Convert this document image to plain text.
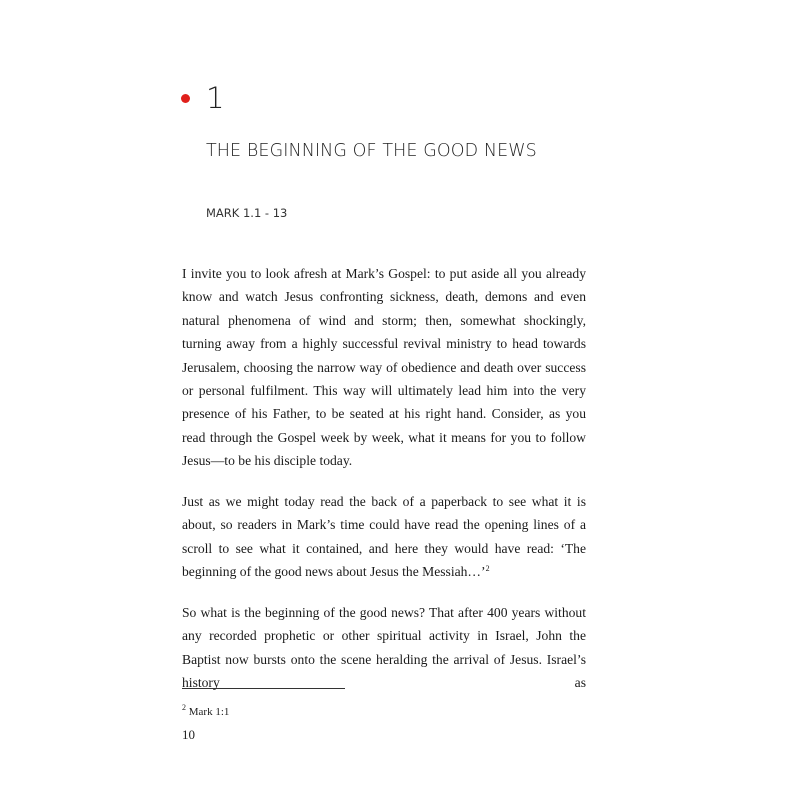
1
THE BEGINNING OF THE GOOD NEWS
MARK 1.1 - 13

I invite you to look afresh at Mark’s Gospel: to put aside all you already know and watch Jesus confronting sickness, death, demons and even natural phenomena of wind and storm; then, somewhat shockingly, turning away from a highly successful revival ministry to head towards Jerusalem, choosing the narrow way of obedience and death over success or personal fulfilment. This way will ultimately lead him into the very presence of his Father, to be seated at his right hand. Consider, as you read through the Gospel week by week, what it means for you to follow Jesus—to be his disciple today.

Just as we might today read the back of a paperback to see what it is about, so readers in Mark’s time could have read the opening lines of a scroll to see what it contained, and here they would have read: ‘The beginning of the good news about Jesus the Messiah…’$^2$

So what is the beginning of the good news? That after 400 years without any recorded prophetic or other spiritual activity in Israel, John the Baptist now bursts onto the scene heralding the arrival of Jesus. Israel’s history as

$^2$ Mark 1:1
10
